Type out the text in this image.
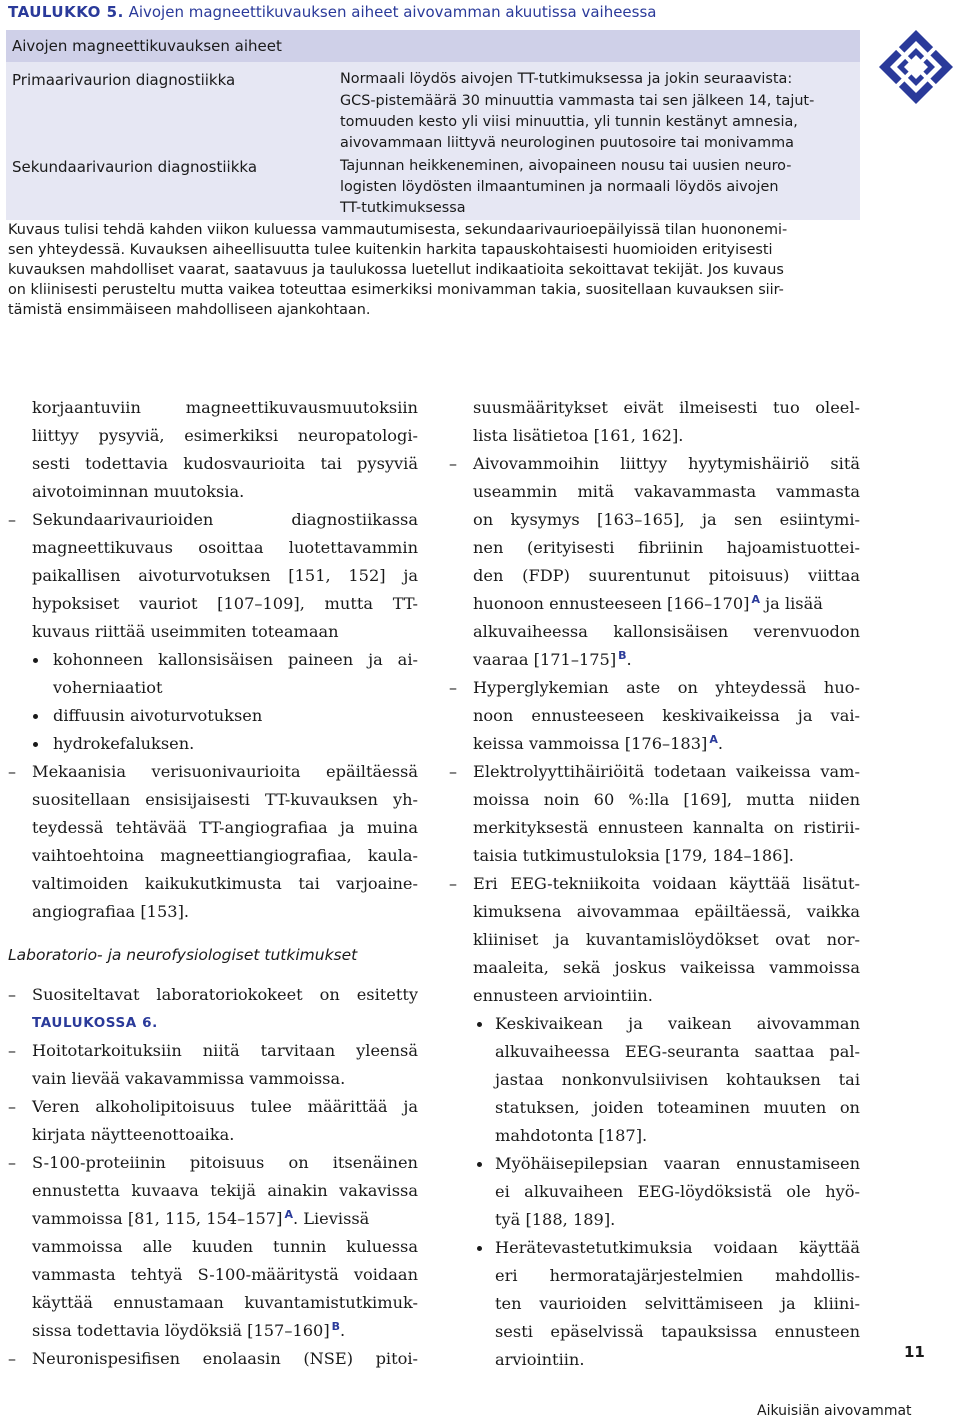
TAULUKKO 5. Aivojen magneettikuvauksen aiheet aivovamman akuutissa vaiheessa
Aivojen magneettikuvauksen aiheet
Primaarivaurion diagnostiikka	Normaali löydös aivojen TT-tutkimuksessa ja jokin seuraavista:
GCS-pistemäärä 30 minuuttia vammasta tai sen jälkeen 14, tajut-
tomuuden kesto yli viisi minuuttia, yli tunnin kestänyt amnesia,
aivovammaan liittyvä neurologinen puutosoire tai monivamma
Sekundaarivaurion diagnostiikka	Tajunnan heikkeneminen, aivopaineen nousu tai uusien neuro-
logisten löydösten ilmaantuminen ja normaali löydös aivojen
TT-tutkimuksessa
Kuvaus tulisi tehdä kahden viikon kuluessa vammautumisesta, sekundaarivaurioepäilyissä tilan huononemi-
sen yhteydessä. Kuvauksen aiheellisuutta tulee kuitenkin harkita tapauskohtaisesti huomioiden erityisesti
kuvauksen mahdolliset vaarat, saatavuus ja taulukossa luetellut indikaatioita sekoittavat tekijät. Jos kuvaus
on kliinisesti perusteltu mutta vaikea toteuttaa esimerkiksi monivamman takia, suositellaan kuvauksen siir-
tämistä ensimmäiseen mahdolliseen ajankohtaan.
korjaantuviin magneettikuvausmuutoksiin
liittyy pysyviä, esimerkiksi neuropatologi-
sesti todettavia kudosvaurioita tai pysyviä
aivotoiminnan muutoksia.
– Sekundaarivaurioiden diagnostiikassa
magneettikuvaus osoittaa luotettavammin
paikallisen aivoturvotuksen [151, 152] ja
hypoksiset vauriot [107–109], mutta TT-
kuvaus riittää useimmiten toteamaan
kohonneen kallonsisäisen paineen ja ai-
voherniaatiot
diffuusin aivoturvotuksen
hydrokefaluksen.
– Mekaanisia verisuonivaurioita epäiltäessä
suositellaan ensisijaisesti TT-kuvauksen yh-
teydessä tehtävää TT-angiografiaa ja muina
vaihtoehtoina magneettiangiografiaa, kaula-
valtimoiden kaikukutkimusta tai varjoaine-
angiografiaa [153].
Laboratorio- ja neurofysiologiset tutkimukset
– Suositeltavat laboratoriokokeet on esitetty
TAULUKOSSA 6.
– Hoitotarkoituksiin niitä tarvitaan yleensä
vain lievää vakavammissa vammoissa.
– Veren alkoholipitoisuus tulee määrittää ja
kirjata näytteenottoaika.
– S-100-proteiinin pitoisuus on itsenäinen
ennustetta kuvaava tekijä ainakin vakavissa
vammoissa [81, 115, 154–157] $^A$. Lievissä
vammoissa alle kuuden tunnin kuluessa
vammasta tehtyä S-100-määritystä voidaan
käyttää ennustamaan kuvantamistutkimuk-
sissa todettavia löydöksiä [157–160] $^B$.
– Neuronispesifisen enolaasin (NSE) pitoi-
suusmääritykset eivät ilmeisesti tuo oleel-
lista lisätietoa [161, 162].
– Aivovammoihin liittyy hyytymishäiriö sitä
useammin mitä vakavammasta vammasta
on kysymys [163–165], ja sen esiintymi-
nen (erityisesti fibriinin hajoamistuottei-
den (FDP) suurentunut pitoisuus) viittaa
huonoon ennusteeseen [166–170] $^A$ ja lisää
alkuvaiheessa kallonsisäisen verenvuodon
vaaraa [171–175] $^B$.
– Hyperglykemian aste on yhteydessä huo-
noon ennusteeseen keskivaikeissa ja vai-
keissa vammoissa [176–183] $^A$.
– Elektrolyyttihäiriöitä todetaan vaikeissa vam-
moissa noin 60 %:lla [169], mutta niiden
merkityksestä ennusteen kannalta on ristirii-
taisia tutkimustuloksia [179, 184–186].
– Eri EEG-tekniikoita voidaan käyttää lisätut-
kimuksena aivovammaa epäiltäessä, vaikka
kliiniset ja kuvantamislöydökset ovat nor-
maaleita, sekä joskus vaikeissa vammoissa
ennusteen arviointiin.
Keskivaikean ja vaikean aivovamman
alkuvaiheessa EEG-seuranta saattaa pal-
jastaa nonkonvulsiivisen kohtauksen tai
statuksen, joiden toteaminen muuten on
mahdotonta [187].
Myöhäisepilepsian vaaran ennustamiseen
ei alkuvaiheen EEG-löydöksistä ole hyö-
tyä [188, 189].
Herätevastetutkimuksia voidaan käyttää
eri hermoratajärjestelmien mahdollis-
ten vaurioiden selvittämiseen ja kliini-
sesti epäselvissä tapauksissa ennusteen
arviointiin.	11
Aikuisiän aivovammat
